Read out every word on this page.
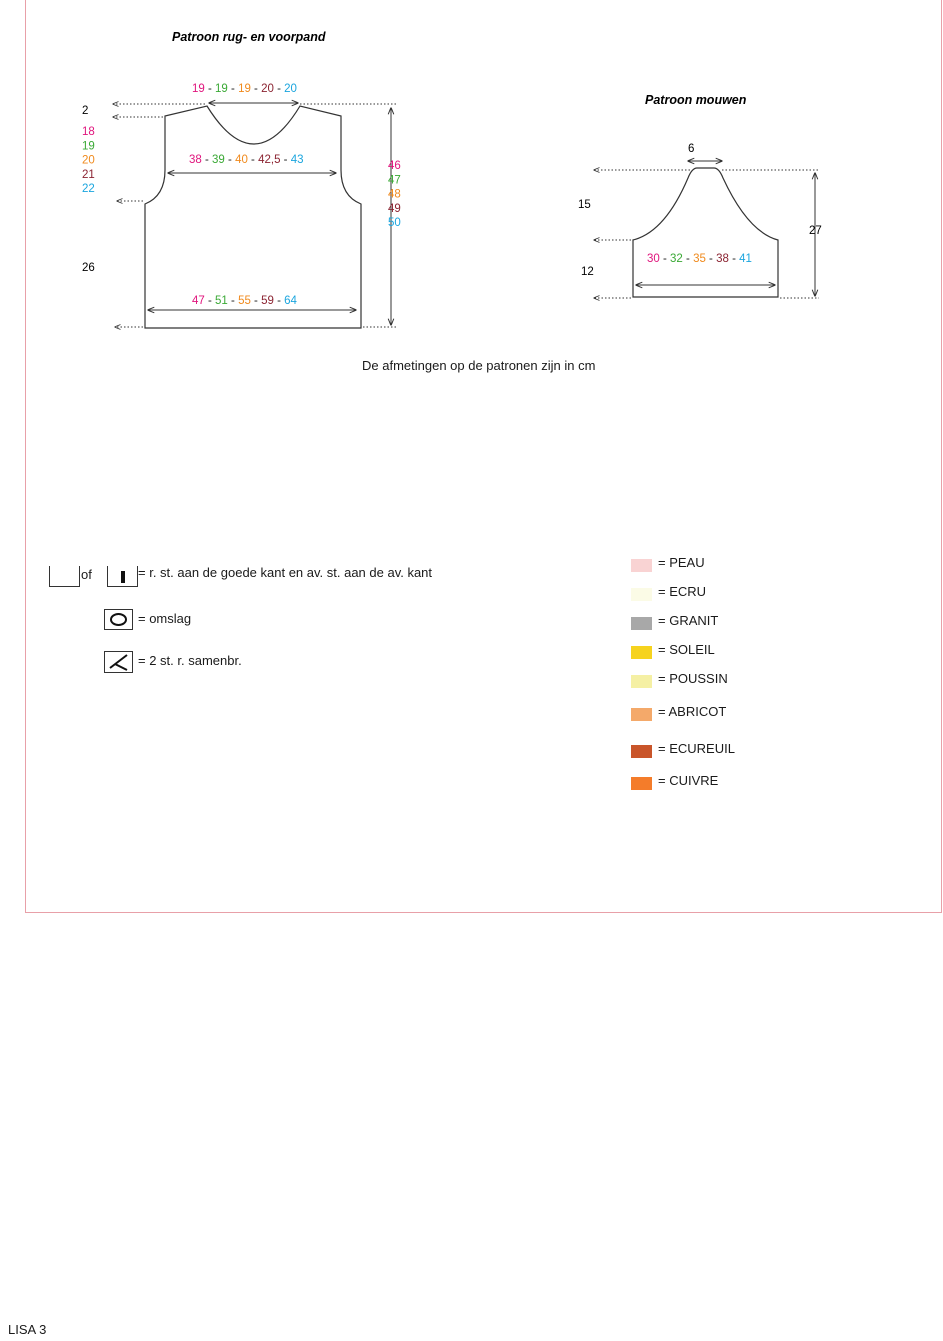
Patroon rug- en voorpand
19 - 19 - 19 - 20 - 20
38 - 39 - 40 - 42,5 - 43
47 - 51 - 55 - 59 - 64
2
18
19
20
21
22
26
46
47
48
49
50
Patroon mouwen
6
27
15
12
30 - 32 - 35 - 38 - 41
De afmetingen op de patronen zijn in cm
of	= r. st. aan de goede kant en av. st. aan de av. kant
= omslag
= 2 st. r. samenbr.
= PEAU
= ECRU
= GRANIT
= SOLEIL
= POUSSIN
= ABRICOT
= ECUREUIL
= CUIVRE
LISA 3
